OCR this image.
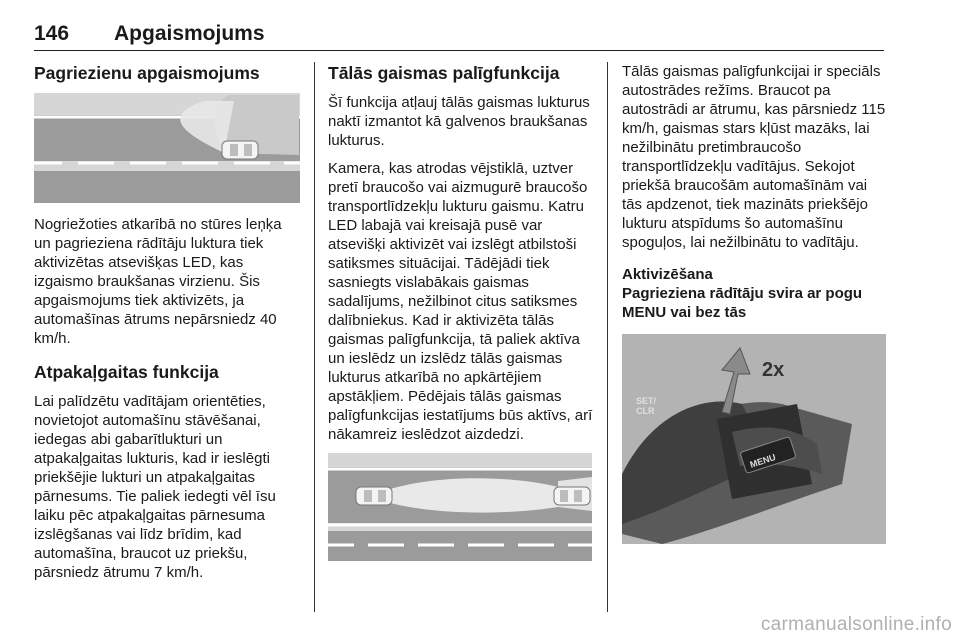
146 Apgaismojums
Pagriezienu apgaismojums

Nogriežoties atkarībā no stūres leņķa un pagrieziena rādītāju luktura tiek aktivizētas atsevišķas LED, kas izgaismo braukšanas virzienu. Šis apgaismojums tiek aktivizēts, ja automašīnas ātrums nepārsniedz 40 km/h.

Atpakaļgaitas funkcija

Lai palīdzētu vadītājam orientēties, novietojot automašīnu stāvēšanai, iedegas abi gabarītlukturi un atpakaļgaitas lukturis, kad ir ieslēgti priekšējie lukturi un atpakaļgaitas pārnesums. Tie paliek iedegti vēl īsu laiku pēc atpakaļgaitas pārnesuma izslēgšanas vai līdz brīdim, kad automašīna, braucot uz priekšu, pārsniedz ātrumu 7 km/h.

Tālās gaismas palīgfunkcija

Šī funkcija atļauj tālās gaismas lukturus naktī izmantot kā galvenos braukšanas lukturus.

Kamera, kas atrodas vējstiklā, uztver pretī braucošo vai aizmugurē braucošo transportlīdzekļu lukturu gaismu. Katru LED labajā vai kreisajā pusē var atsevišķi aktivizēt vai izslēgt atbilstoši satiksmes situācijai. Tādējādi tiek sasniegts vislabākais gaismas sadalījums, nežilbinot citus satiksmes dalībniekus. Kad ir aktivizēta tālās gaismas palīgfunkcija, tā paliek aktīva un ieslēdz un izslēdz tālās gaismas lukturus atkarībā no apkārtējiem apstākļiem. Pēdējais tālās gaismas palīgfunkcijas iestatījums būs aktīvs, arī nākamreiz ieslēdzot aizdedzi.

Tālās gaismas palīgfunkcijai ir speciāls autostrādes režīms. Braucot pa autostrādi ar ātrumu, kas pārsniedz 115 km/h, gaismas stars kļūst mazāks, lai nežilbinātu pretimbraucošo transportlīdzekļu vadītājus. Sekojot priekšā braucošām automašīnām vai tās apdzenot, tiek mazināts priekšējo lukturu atspīdums šo automašīnu spoguļos, lai nežilbinātu to vadītāju.

Aktivizēšana
Pagrieziena rādītāju svira ar pogu MENU vai bez tās
MENU
SET/
CLR
2x
carmanualsonline.info
